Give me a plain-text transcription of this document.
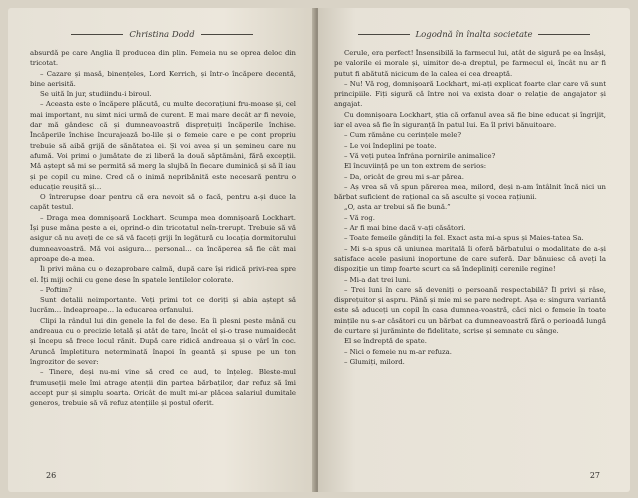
Christina Dodd

absurdă pe care Anglia îl producea din plin. Femeia nu se oprea deloc din tricotat.

– Cazare și masă, binențeles, Lord Kerrich, și într-o încăpere decentă, bine aerisită.

Se uită în jur, studiindu-i biroul.

– Aceasta este o încăpere plăcută, cu multe decorațiuni fru-moase și, cel mai important, nu simt nici urmă de curent. E mai mare decât ar fi nevoie, dar mă gândesc că și dumneavoastră disprețuiți încăperile închise. Încăperile închise încurajează bo-lile și o femeie care e pe cont propriu trebuie să aibă grijă de sănătatea ei. Și voi avea și un șemineu care nu afumă. Voi primi o jumătate de zi liberă la două săptămâni, fără excepții. Mă aștept să mi se permită să merg la slujbă în fiecare duminică și să îl iau și pe copil cu mine. Cred că o inimă nepribănită este necesară pentru o educație reușită și…

O întrerupse doar pentru că era nevoit să o facă, pentru a-și duce la capăt testul.

– Draga mea domnișoară Lockhart. Scumpa mea domnișoară Lockhart. Își puse mâna peste a ei, oprind-o din tricotatul neîn-trerupt. Trebuie să vă asigur că nu aveți de ce să vă faceți griji în legătură cu locația dormitorului dumneavoastră. Mă voi asigura… personal… ca încăperea să fie cât mai aproape de-a mea.

Îi privi mâna cu o dezaprobare calmă, după care își ridică privi-rea spre el. Îți miji ochii cu gene dese în spatele lentilelor colorate.

– Poftim?

Sunt detalii neimportante. Veți primi tot ce doriți și abia aștept să lucrăm… îndeaproape… la educarea orfanului.

Clipi la rândul lui din genele la fel de dese. Ea îi plesni peste mână cu andreaua cu o precizie letală și atât de tare, încât el și-o trase numaidecât și începu să frece locul rănit. După care ridică andreaua și o vârî în coc. Aruncă împletitura neterminată înapoi în geantă și spuse pe un ton îngrozitor de sever:

– Tinere, deși nu-mi vine să cred ce aud, te înțeleg. Bleste-mul frumuseții mele îmi atrage atenții din partea bărbaților, dar refuz să îmi accept pur și simplu soarta. Oricât de mult mi-ar plăcea salariul dumitale generos, trebuie să vă refuz atențiile și postul oferit.

26
Logodnă în înalta societate

Cerule, era perfect! Însensibilă la farmecul lui, atât de sigură pe ea însăși, pe valorile ei morale și, uimitor de-a dreptul, pe farmecul ei, încât nu ar fi putut fi abătută nicicum de la calea ei cea dreaptă.

– Nu! Vă rog, domnișoară Lockhart, mi-ați explicat foarte clar care vă sunt principiile. Fiți sigură că între noi va exista doar o relație de angajator și angajat.

Cu domnișoara Lockhart, știa că orfanul avea să fie bine educat și îngrijit, iar el avea să fie în siguranță în patul lui. Ea îl privi bănuitoare.

– Cum rămâne cu cerințele mele?

– Le voi îndeplini pe toate.

– Vă veți putea înfrâna pornirile animalice?

El încuviință pe un ton extrem de serios:

– Da, oricât de greu mi s-ar părea.

– Aș vrea să vă spun părerea mea, milord, deși n-am întâlnit încă nici un bărbat suficient de rațional ca să asculte și vocea rațiunii.

„O, asta ar trebui să fie bună.”

– Vă rog.

– Ar fi mai bine dacă v-ați căsători.

– Toate femeile gândiți la fel. Exact asta mi-a spus și Maies-tatea Sa.

– Mi s-a spus că uniunea maritală îi oferă bărbatului o modalitate de a-și satisface acele pasiuni inoportune de care suferă. Dar bănuiesc că aveți la dispoziție un timp foarte scurt ca să îndepliniți cerenile regine!

– Mi-a dat trei luni.

– Trei luni în care să deveniți o persoană respectabilă? Îl privi și râse, disprețuitor și aspru. Până și mie mi se pare nedrept. Așa e: singura variantă este să aduceți un copil în casa dumnea-voastră, căci nici o femeie în toate mințile nu s-ar căsători cu un bărbat ca dumneavoastră fără o perioadă lungă de curtare și jurăminte de fidelitate, scrise și semnate cu sânge.

El se îndreptă de spate.

– Nici o femeie nu m-ar refuza.

– Glumiți, milord.

27
